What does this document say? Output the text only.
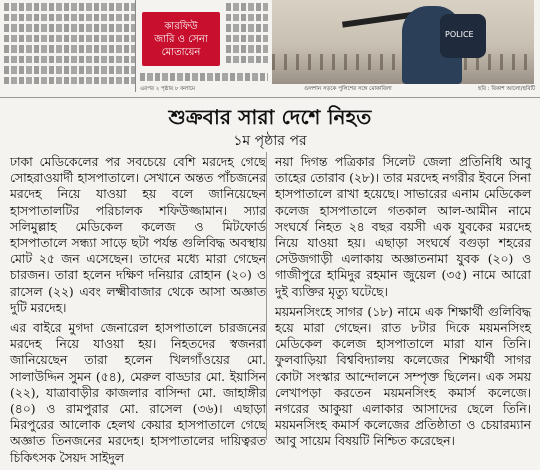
কারফিউ
জারি ও সেনা
মোতায়েন
POLICE
এরপর ২ পৃষ্ঠায় ৮ কলামে	গুলশান সড়কে পুলিশের সঙ্গে মোকাবিলা	ছবি : বিকাশ আলো/ছবিটি
শুক্রবার সারা দেশে নিহত
১ম পৃষ্ঠার পর

ঢাকা মেডিকেলের পর সবচেয়ে বেশি মরদেহ গেছে সোহরাওয়ার্দী হাসপাতালে। সেখানে অন্তত পাঁচজনের মরদেহ নিয়ে যাওয়া হয় বলে জানিয়েছেন হাসপাতালটির পরিচালক শফিউজ্জামান। স্যার সলিমুল্লাহ মেডিকেল কলেজ ও মিটফোর্ড হাসপাতালে সন্ধ্যা সাড়ে ছটা পর্যন্ত গুলিবিদ্ধ অবস্থায় মোট ২৫ জন এসেছেন। তাদের মধ্যে মারা গেছেন চারজন। তারা হলেন দক্ষিণ দনিয়ার রোহান (২০) ও রাসেল (২২) এবং লক্ষ্মীবাজার থেকে আসা অজ্ঞাত দুটি মরদেহ।

এর বাইরে মুগদা জেনারেল হাসপাতালে চারজনের মরদেহ নিয়ে যাওয়া হয়। নিহতদের স্বজনরা জানিয়েছেন তারা হলেন খিলগাঁওয়ের মো. সালাউদ্দিন সুমন (৫৪), মেরুল বাড্ডার মো. ইয়াসিন (২২), যাত্রাবাড়ীর কাজলার বাসিন্দা মো. জাহাঙ্গীর (৪০) ও রামপুরার মো. রাসেল (৩৬)। এছাড়া মিরপুরের আলোক হেলথ কেয়ার হাসপাতালে গেছে অজ্ঞাত তিনজনের মরদেহ। হাসপাতালের দায়িত্বরত চিকিৎসক সৈয়দ সাইদুল

নয়া দিগন্ত পত্রিকার সিলেট জেলা প্রতিনিধি আবু তাহের তোরাব (২৮)। তার মরদেহ নগরীর ইবনে সিনা হাসপাতালে রাখা হয়েছে। সাভারের এনাম মেডিকেল কলেজ হাসপাতালে গতকাল আল-আমীন নামে সংঘর্ষে নিহত ২৪ বছর বয়সী এক যুবকের মরদেহ নিয়ে যাওয়া হয়। এছাড়া সংঘর্ষে বগুড়া শহরের সেউজগাড়ী এলাকায় অজ্ঞাতনামা যুবক (২০) ও গাজীপুরে হামিদুর রহমান জুয়েল (৩৫) নামে আরো দুই ব্যক্তির মৃত্যু ঘটেছে।

ময়মনসিংহে সাগর (১৮) নামে এক শিক্ষার্থী গুলিবিদ্ধ হয়ে মারা গেছেন। রাত ৮টার দিকে ময়মনসিংহ মেডিকেল কলেজ হাসপাতালে মারা যান তিনি। ফুলবাড়িয়া বিশ্ববিদ্যালয় কলেজের শিক্ষার্থী সাগর কোটা সংস্কার আন্দোলনে সম্পৃক্ত ছিলেন। এক সময় লেখাপড়া করতেন ময়মনসিংহ কমার্স কলেজে। নগরের আকুয়া এলাকার আসাদের ছেলে তিনি। ময়মনসিংহ কমার্স কলেজের প্রতিষ্ঠাতা ও চেয়ারম্যান আবু সায়েম বিষয়টি নিশ্চিত করেছেন।
